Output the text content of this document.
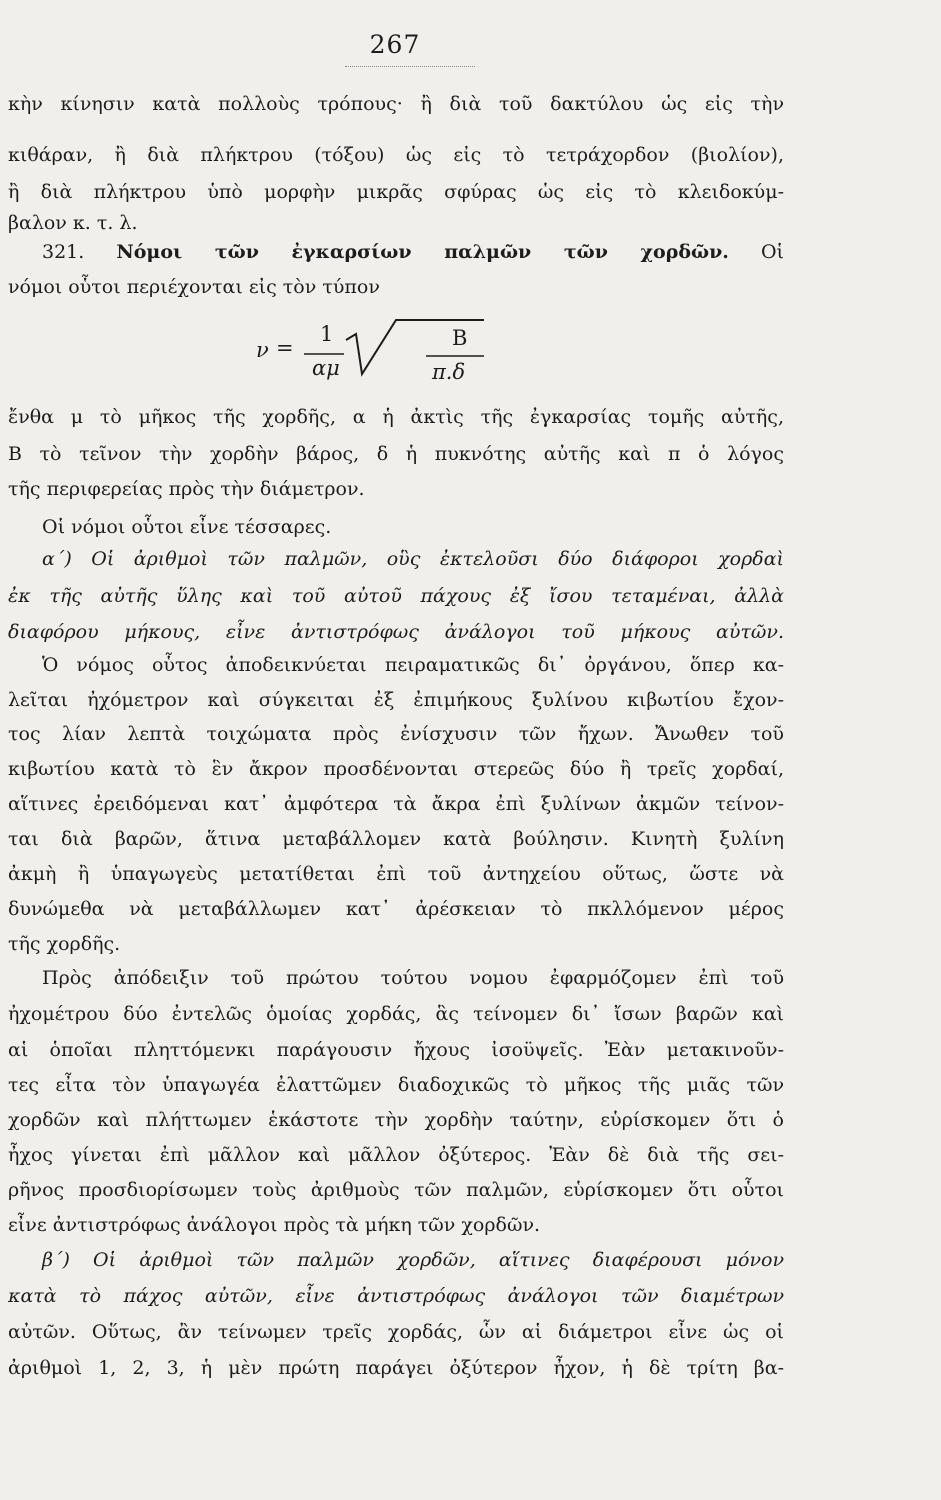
267
κὴν κίνησιν κατὰ πολλοὺς τρόπους· ἢ διὰ τοῦ δακτύλου ὡς εἰς τὴν
κιθάραν, ἢ διὰ πλήκτρου (τόξου) ὡς εἰς τὸ τετράχορδον (βιολίον),
ἢ διὰ πλήκτρου ὑπὸ μορφὴν μικρᾶς σφύρας ὡς εἰς τὸ κλειδοκύμ-
βαλον κ. τ. λ.
321. Νόμοι τῶν ἐγκαρσίων παλμῶν τῶν χορδῶν. Οἱ
νόμοι οὗτοι περιέχονται εἰς τὸν τύπον
ν =
1
αμ
B
π.δ
ἔνθα μ τὸ μῆκος τῆς χορδῆς, α ἡ ἀκτὶς τῆς ἐγκαρσίας τομῆς αὐτῆς,
B τὸ τεῖνον τὴν χορδὴν βάρος, δ ἡ πυκνότης αὐτῆς καὶ π ὁ λόγος
τῆς περιφερείας πρὸς τὴν διάμετρον.
Οἱ νόμοι οὗτοι εἶνε τέσσαρες.
α΄) Οἱ ἀριθμοὶ τῶν παλμῶν, οὓς ἐκτελοῦσι δύο διάφοροι χορδαὶ
ἐκ τῆς αὐτῆς ὕλης καὶ τοῦ αὐτοῦ πάχους ἐξ ἴσου τεταμέναι, ἀλλὰ
διαφόρου μήκους, εἶνε ἀντιστρόφως ἀνάλογοι τοῦ μήκους αὐτῶν.
Ὁ νόμος οὗτος ἀποδεικνύεται πειραματικῶς δι᾽ ὀργάνου, ὅπερ κα-
λεῖται ἠχόμετρον καὶ σύγκειται ἐξ ἐπιμήκους ξυλίνου κιβωτίου ἔχον-
τος λίαν λεπτὰ τοιχώματα πρὸς ἐνίσχυσιν τῶν ἤχων. Ἄνωθεν τοῦ
κιβωτίου κατὰ τὸ ἓν ἄκρον προσδένονται στερεῶς δύο ἢ τρεῖς χορδαί,
αἵτινες ἐρειδόμεναι κατ᾽ ἀμφότερα τὰ ἄκρα ἐπὶ ξυλίνων ἀκμῶν τείνον-
ται διὰ βαρῶν, ἅτινα μεταβάλλομεν κατὰ βούλησιν. Κινητὴ ξυλίνη
ἀκμὴ ἢ ὑπαγωγεὺς μετατίθεται ἐπὶ τοῦ ἀντηχείου οὕτως, ὥστε νὰ
δυνώμεθα νὰ μεταβάλλωμεν κατ᾽ ἀρέσκειαν τὸ πκλλόμενον μέρος
τῆς χορδῆς.
Πρὸς ἀπόδειξιν τοῦ πρώτου τούτου νομου ἐφαρμόζομεν ἐπὶ τοῦ
ἠχομέτρου δύο ἐντελῶς ὁμοίας χορδάς, ἃς τείνομεν δι᾽ ἴσων βαρῶν καὶ
αἱ ὁποῖαι πληττόμενκι παράγουσιν ἤχους ἰσοϋψεῖς. Ἐὰν μετακινοῦν-
τες εἶτα τὸν ὑπαγωγέα ἐλαττῶμεν διαδοχικῶς τὸ μῆκος τῆς μιᾶς τῶν
χορδῶν καὶ πλήττωμεν ἑκάστοτε τὴν χορδὴν ταύτην, εὑρίσκομεν ὅτι ὁ
ἦχος γίνεται ἐπὶ μᾶλλον καὶ μᾶλλον ὀξύτερος. Ἐὰν δὲ διὰ τῆς σει-
ρῆνος προσδιορίσωμεν τοὺς ἀριθμοὺς τῶν παλμῶν, εὑρίσκομεν ὅτι οὗτοι
εἶνε ἀντιστρόφως ἀνάλογοι πρὸς τὰ μήκη τῶν χορδῶν.
β΄) Οἱ ἀριθμοὶ τῶν παλμῶν χορδῶν, αἵτινες διαφέρουσι μόνον
κατὰ τὸ πάχος αὐτῶν, εἶνε ἀντιστρόφως ἀνάλογοι τῶν διαμέτρων
αὐτῶν. Οὕτως, ἂν τείνωμεν τρεῖς χορδάς, ὧν αἱ διάμετροι εἶνε ὡς οἱ
ἀριθμοὶ 1, 2, 3, ἡ μὲν πρώτη παράγει ὀξύτερον ἦχον, ἡ δὲ τρίτη βα-
